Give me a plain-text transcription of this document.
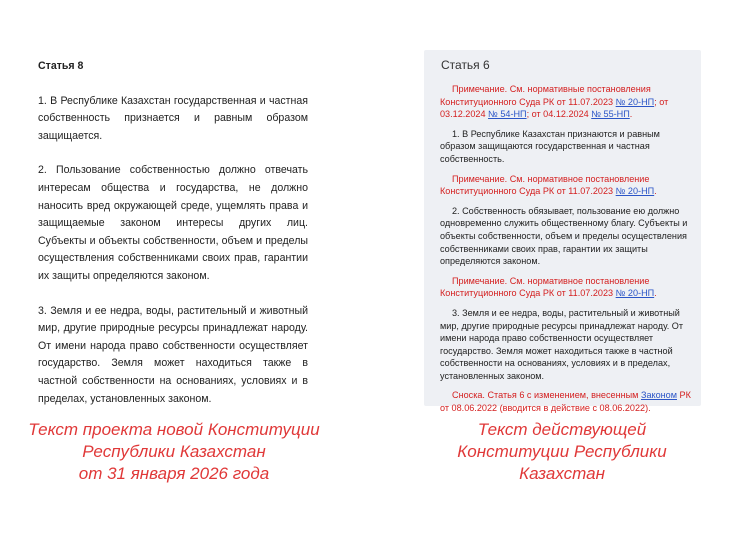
Статья 8

1. В Республике Казахстан государственная и частная собственность признается и равным образом защищается.

2. Пользование собственностью должно отвечать интересам общества и государства, не должно наносить вред окружающей среде, ущемлять права и защищаемые законом интересы других лиц. Субъекты и объекты собственности, объем и пределы осуществления собственниками своих прав, гарантии их защиты определяются законом.

3. Земля и ее недра, воды, растительный и животный мир, другие природные ресурсы принадлежат народу. От имени народа право собственности осуществляет государство. Земля может находиться также в частной собственности на основаниях, условиях и в пределах, установленных законом.

Статья 6

Примечание. См. нормативные постановления Конституционного Суда РК от 11.07.2023 № 20-НП; от 03.12.2024 № 54-НП; от 04.12.2024 № 55-НП.

1. В Республике Казахстан признаются и равным образом защищаются государственная и частная собственность.

Примечание. См. нормативное постановление Конституционного Суда РК от 11.07.2023 № 20-НП.

2. Собственность обязывает, пользование ею должно одновременно служить общественному благу. Субъекты и объекты собственности, объем и пределы осуществления собственниками своих прав, гарантии их защиты определяются законом.

Примечание. См. нормативное постановление Конституционного Суда РК от 11.07.2023 № 20-НП.

3. Земля и ее недра, воды, растительный и животный мир, другие природные ресурсы принадлежат народу. От имени народа право собственности осуществляет государство. Земля может находиться также в частной собственности на основаниях, условиях и в пределах, установленных законом.

Сноска. Статья 6 с изменением, внесенным Законом РК от 08.06.2022 (вводится в действие с 08.06.2022).

Текст проекта новой Конституции
Республики Казахстан
от 31 января 2026 года
Текст действующей
Конституции Республики
Казахстан
